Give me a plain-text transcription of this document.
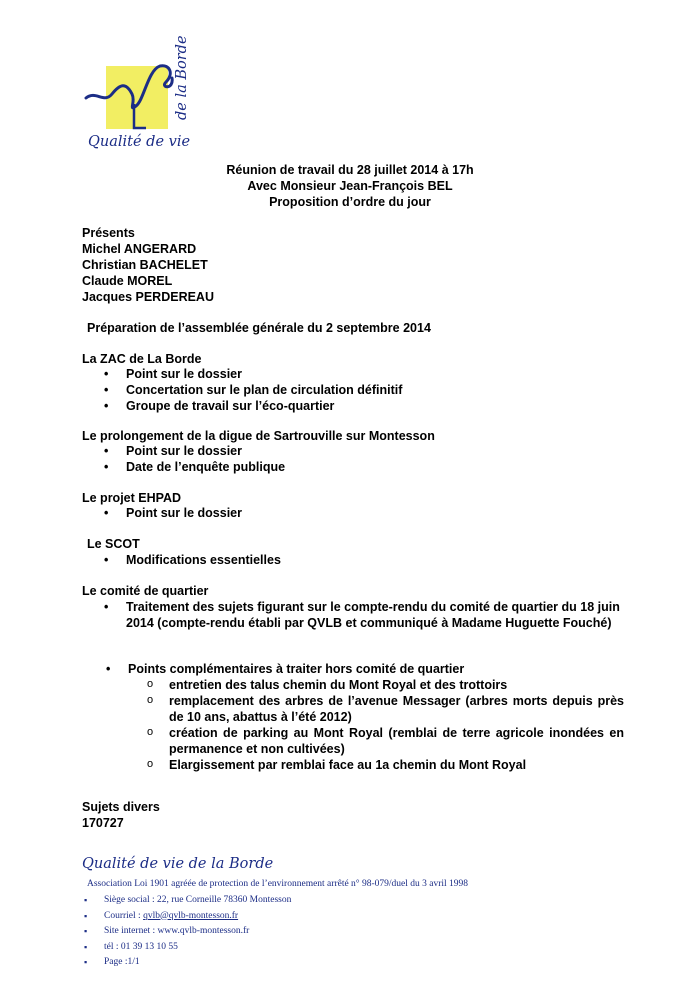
Qualité de vie
de la Borde
Réunion de travail du 28 juillet 2014 à 17h
Avec Monsieur Jean-François BEL
Proposition d’ordre du jour
Présents
Michel ANGERARD
Christian BACHELET
Claude MOREL
Jacques PERDEREAU
Préparation de l’assemblée générale du 2 septembre 2014
La ZAC de La Borde
• Point sur le dossier
• Concertation sur le plan de circulation définitif
• Groupe de travail sur l’éco-quartier
Le prolongement de la digue de Sartrouville sur Montesson
• Point sur le dossier
• Date de l’enquête publique
Le projet EHPAD
• Point sur le dossier
Le SCOT
• Modifications essentielles
Le comité de quartier
• Traitement des sujets figurant sur le compte-rendu du comité de quartier du 18 juin 2014 (compte-rendu établi par QVLB et communiqué à Madame Huguette Fouché)
• Points complémentaires à traiter hors comité de quartier
o entretien des talus chemin du Mont Royal et des trottoirs
o remplacement des arbres de l’avenue Messager (arbres morts depuis près de 10 ans, abattus à l’été 2012)
o création de parking au Mont Royal (remblai de terre agricole inondées en permanence et non cultivées)
o Elargissement par remblai face au 1a chemin du Mont Royal
Sujets divers
170727
Qualité de vie de la Borde
Association Loi 1901 agréée de protection de l’environnement arrêté n° 98-079/duel du 3 avril 1998
▪ Siège social : 22, rue Corneille 78360 Montesson
▪ Courriel : qvlb@qvlb-montesson.fr
▪ Site internet : www.qvlb-montesson.fr
▪ tél : 01 39 13 10 55
▪ Page :1/1
